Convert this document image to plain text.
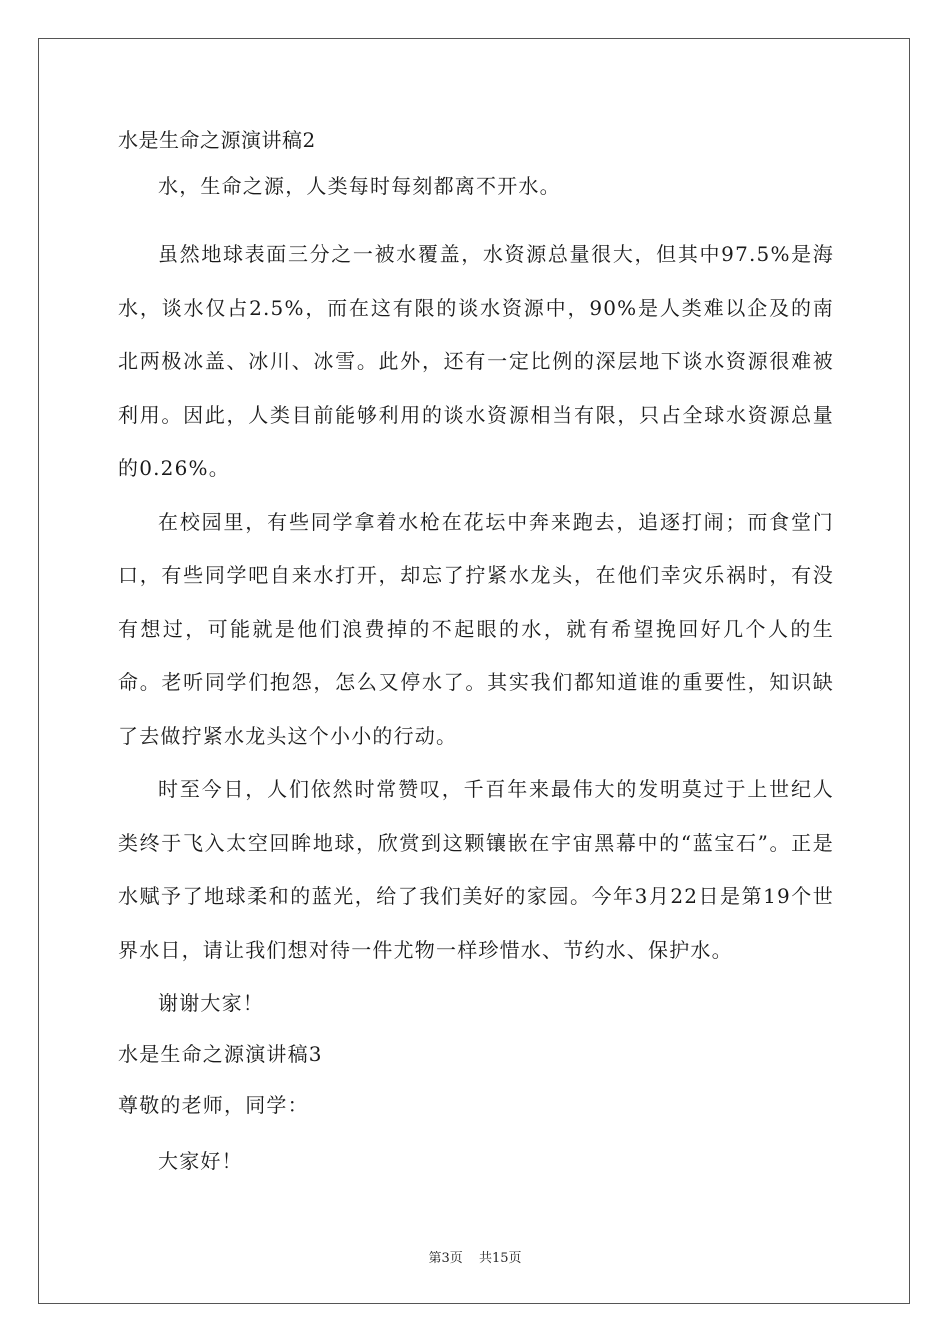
水是生命之源演讲稿2

水，生命之源，人类每时每刻都离不开水。

虽然地球表面三分之一被水覆盖，水资源总量很大，但其中97.5%是海水，谈水仅占2.5%，而在这有限的谈水资源中，90%是人类难以企及的南北两极冰盖、冰川、冰雪。此外，还有一定比例的深层地下谈水资源很难被利用。因此，人类目前能够利用的谈水资源相当有限，只占全球水资源总量的0.26%。

在校园里，有些同学拿着水枪在花坛中奔来跑去，追逐打闹；而食堂门口，有些同学吧自来水打开，却忘了拧紧水龙头，在他们幸灾乐祸时，有没有想过，可能就是他们浪费掉的不起眼的水，就有希望挽回好几个人的生命。老听同学们抱怨，怎么又停水了。其实我们都知道谁的重要性，知识缺了去做拧紧水龙头这个小小的行动。

时至今日，人们依然时常赞叹，千百年来最伟大的发明莫过于上世纪人类终于飞入太空回眸地球，欣赏到这颗镶嵌在宇宙黑幕中的“蓝宝石”。正是水赋予了地球柔和的蓝光，给了我们美好的家园。今年3月22日是第19个世界水日，请让我们想对待一件尤物一样珍惜水、节约水、保护水。

谢谢大家！

水是生命之源演讲稿3
尊敬的老师，同学：

大家好！

第3页 共15页
